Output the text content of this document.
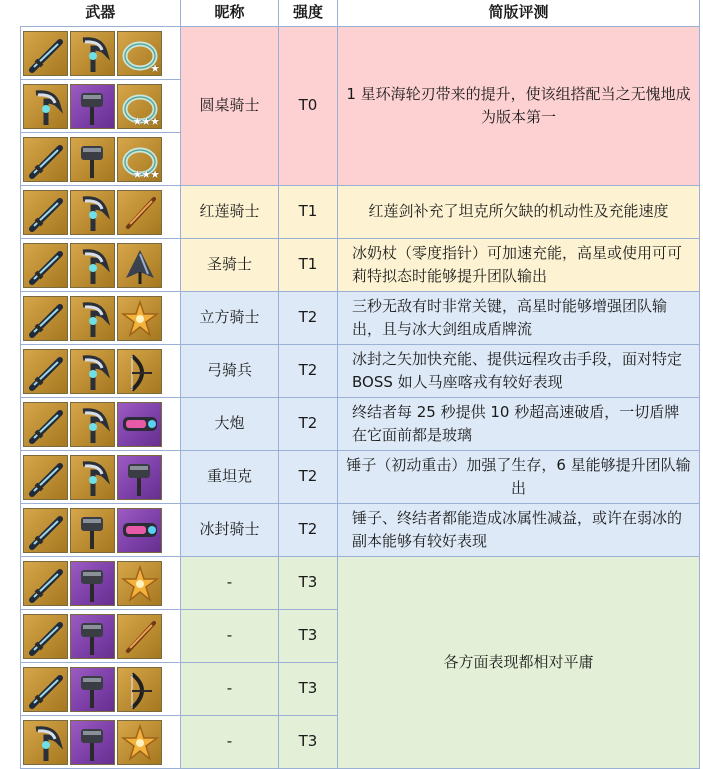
武器	昵称	强度	简版评测

★	圆桌骑士	T0	1 星环海轮刃带来的提升，使该组搭配当之无愧地成为版本第一

★★★			

★★★			

	红莲骑士	T1	红莲剑补充了坦克所欠缺的机动性及充能速度

	圣骑士	T1	冰奶杖（零度指针）可加速充能，高星或使用可可莉特拟态时能够提升团队输出

	立方骑士	T2	三秒无敌有时非常关键，高星时能够增强团队输出，且与冰大剑组成盾牌流

	弓骑兵	T2	冰封之矢加快充能、提供远程攻击手段，面对特定 BOSS 如人马座喀戎有较好表现

	大炮	T2	终结者每 25 秒提供 10 秒超高速破盾，一切盾牌在它面前都是玻璃

	重坦克	T2	锤子（初动重击）加强了生存，6 星能够提升团队输出

	冰封骑士	T2	锤子、终结者都能造成冰属性减益，或许在弱冰的副本能够有较好表现

	-	T3	各方面表现都相对平庸

	-	T3	

	-	T3	

	-	T3	
